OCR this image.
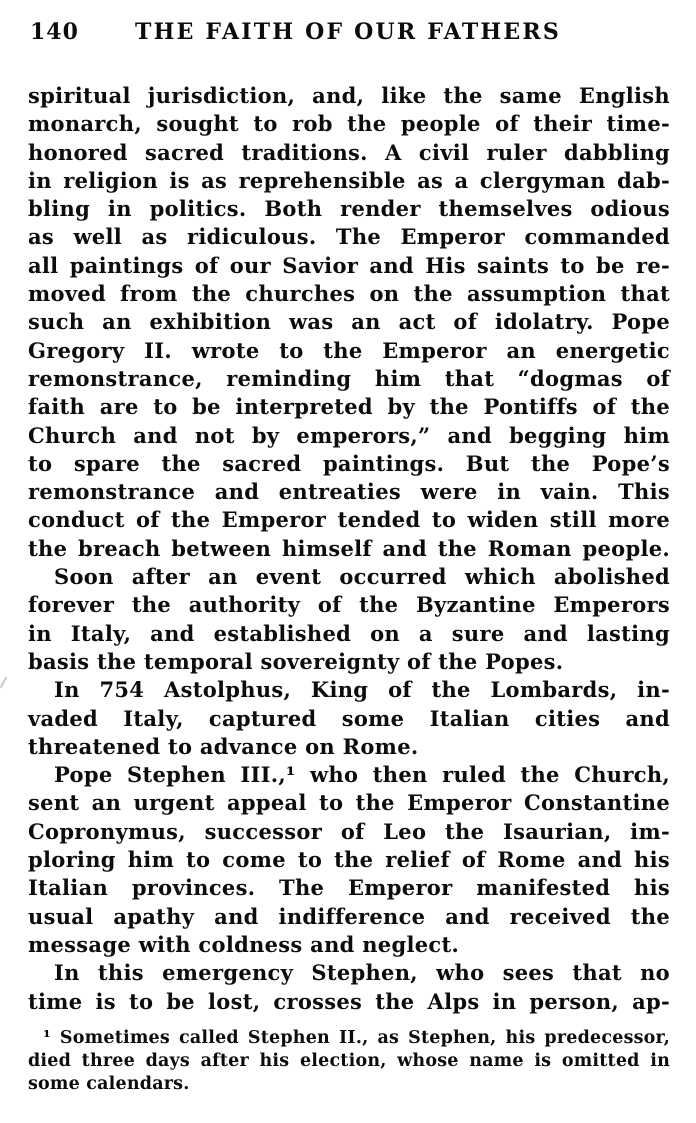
140	THE FAITH OF OUR FATHERS
spiritual jurisdiction, and, like the same English
monarch, sought to rob the people of their time-
honored sacred traditions. A civil ruler dabbling
in religion is as reprehensible as a clergyman dab-
bling in politics. Both render themselves odious
as well as ridiculous. The Emperor commanded
all paintings of our Savior and His saints to be re-
moved from the churches on the assumption that
such an exhibition was an act of idolatry. Pope
Gregory II. wrote to the Emperor an energetic
remonstrance, reminding him that “dogmas of
faith are to be interpreted by the Pontiffs of the
Church and not by emperors,” and begging him
to spare the sacred paintings. But the Pope’s
remonstrance and entreaties were in vain. This
conduct of the Emperor tended to widen still more
the breach between himself and the Roman people.
Soon after an event occurred which abolished
forever the authority of the Byzantine Emperors
in Italy, and established on a sure and lasting
basis the temporal sovereignty of the Popes.
In 754 Astolphus, King of the Lombards, in-
vaded Italy, captured some Italian cities and
threatened to advance on Rome.
Pope Stephen III.,¹ who then ruled the Church,
sent an urgent appeal to the Emperor Constantine
Copronymus, successor of Leo the Isaurian, im-
ploring him to come to the relief of Rome and his
Italian provinces. The Emperor manifested his
usual apathy and indifference and received the
message with coldness and neglect.
In this emergency Stephen, who sees that no
time is to be lost, crosses the Alps in person, ap-
¹ Sometimes called Stephen II., as Stephen, his predecessor,
died three days after his election, whose name is omitted in
some calendars.
